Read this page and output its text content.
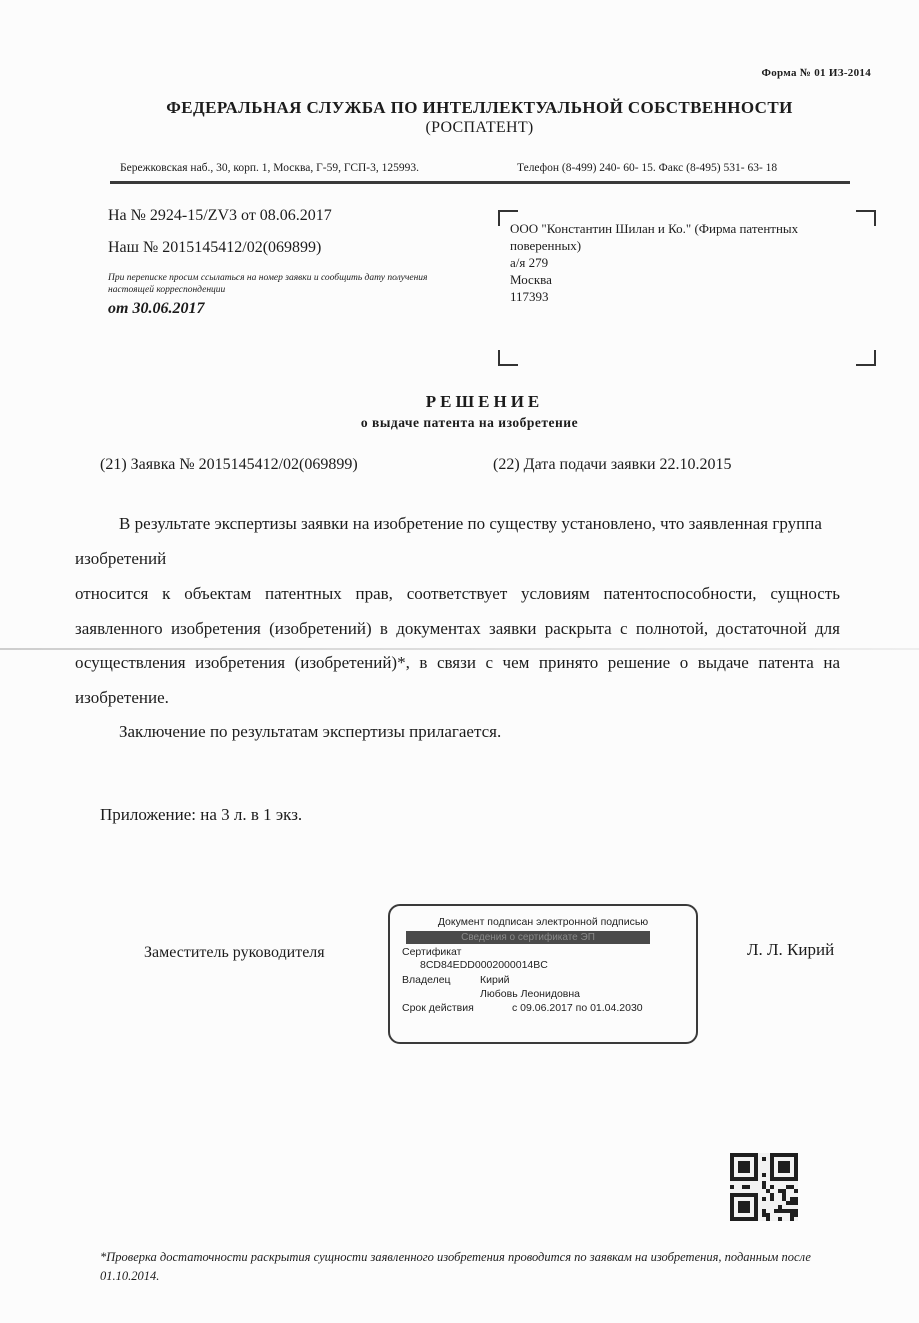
Форма № 01 ИЗ-2014
ФЕДЕРАЛЬНАЯ СЛУЖБА ПО ИНТЕЛЛЕКТУАЛЬНОЙ СОБСТВЕННОСТИ
(РОСПАТЕНТ)
Бережковская наб., 30, корп. 1, Москва, Г-59, ГСП-3, 125993.	Телефон (8-499) 240- 60- 15. Факс (8-495) 531- 63- 18
На № 2924-15/ZV3 от 08.06.2017
Наш № 2015145412/02(069899)
При переписке просим ссылаться на номер заявки и сообщить дату получения настоящей корреспонденции
от 30.06.2017
ООО "Константин Шилан и Ко." (Фирма патентных поверенных)
а/я 279
Москва
117393
РЕШЕНИЕ
о выдаче патента на изобретение
(21) Заявка № 2015145412/02(069899)	(22) Дата подачи заявки 22.10.2015
В результате экспертизы заявки на изобретение по существу установлено, что заявленная группа изобретений
относится к объектам патентных прав, соответствует условиям патентоспособности, сущность заявленного изобретения (изобретений) в документах заявки раскрыта с полнотой, достаточной для осуществления изобретения (изобретений)*, в связи с чем принято решение о выдаче патента на изобретение.
Заключение по результатам экспертизы прилагается.
Приложение: на 3 л. в 1 экз.
Заместитель руководителя	Л. Л. Кирий
Документ подписан электронной подписью
Сведения о сертификате ЭП
Сертификат
8CD84EDD0002000014BC
Владелец	Кирий
Любовь Леонидовна
Срок действия	с 09.06.2017 по 01.04.2030
*Проверка достаточности раскрытия сущности заявленного изобретения проводится по заявкам на изобретения, поданным после 01.10.2014.
